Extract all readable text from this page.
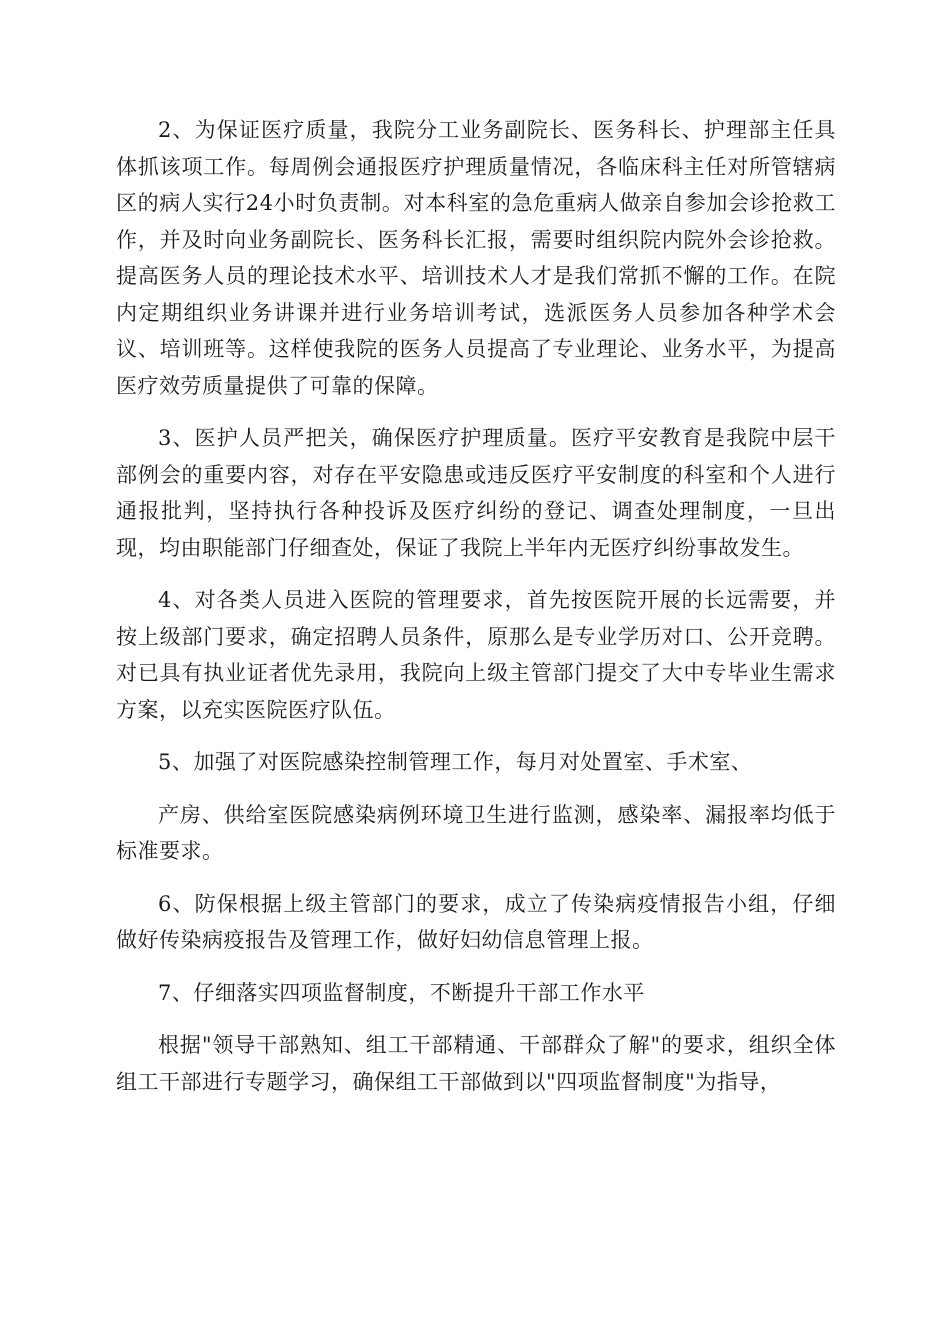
2、为保证医疗质量，我院分工业务副院长、医务科长、护理部主任具体抓该项工作。每周例会通报医疗护理质量情况，各临床科主任对所管辖病区的病人实行24小时负责制。对本科室的急危重病人做亲自参加会诊抢救工作，并及时向业务副院长、医务科长汇报，需要时组织院内院外会诊抢救。提高医务人员的理论技术水平、培训技术人才是我们常抓不懈的工作。在院内定期组织业务讲课并进行业务培训考试，选派医务人员参加各种学术会议、培训班等。这样使我院的医务人员提高了专业理论、业务水平，为提高医疗效劳质量提供了可靠的保障。

3、医护人员严把关，确保医疗护理质量。医疗平安教育是我院中层干部例会的重要内容，对存在平安隐患或违反医疗平安制度的科室和个人进行通报批判，坚持执行各种投诉及医疗纠纷的登记、调查处理制度，一旦出现，均由职能部门仔细查处，保证了我院上半年内无医疗纠纷事故发生。

4、对各类人员进入医院的管理要求，首先按医院开展的长远需要，并按上级部门要求，确定招聘人员条件，原那么是专业学历对口、公开竞聘。对已具有执业证者优先录用，我院向上级主管部门提交了大中专毕业生需求方案，以充实医院医疗队伍。

5、加强了对医院感染控制管理工作，每月对处置室、手术室、

产房、供给室医院感染病例环境卫生进行监测，感染率、漏报率均低于标准要求。

6、防保根据上级主管部门的要求，成立了传染病疫情报告小组，仔细做好传染病疫报告及管理工作，做好妇幼信息管理上报。

7、仔细落实四项监督制度，不断提升干部工作水平

根据"领导干部熟知、组工干部精通、干部群众了解"的要求，组织全体组工干部进行专题学习，确保组工干部做到以"四项监督制度"为指导，
